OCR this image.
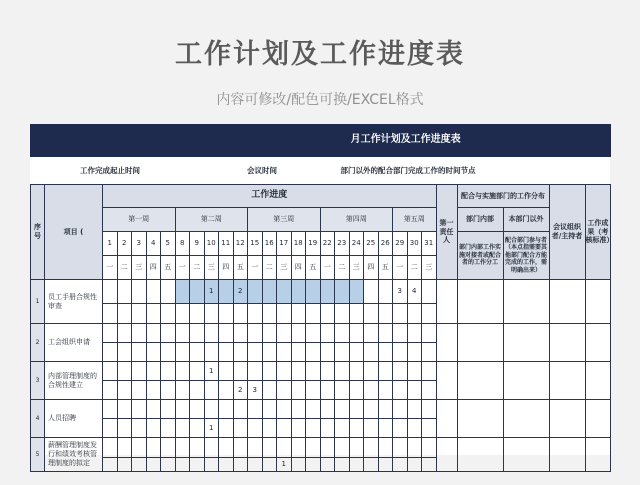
工作计划及工作进度表
内容可修改/配色可换/EXCEL格式
月工作计划及工作进度表																													
工作完成起止时间								会议时间										部门以外的配合部门完成工作的时间节点											
序号	项目 (	工作进度																							第一责任人	配合与实施部门的工作分布		会议组织者/主持者	工作成果（考核标准）
		第一周					第二周					第三周					第四周					第五周				部门内部	本部门以外		
		1	2	3	4	5	8	9	10	11	12	15	16	17	18	19	22	23	24	25	26	29	30	31		部门内部工作实施对接者或配合者的工作分工	配合部门参与者（本点指需要其他部门配合方能完成的工作，需明确出来）		
		一	二	三	四	五	一	二	三	四	五	一	二	三	四	五	一	二	三	四	五	一	二	三					
1	员工手册合规性审查								1		2											3	4						

2	工会组织申请																												

3	内部管理制度的合规性建立								1																				
											2	3																	
4	人员招聘																												
									1																				
5	薪酬管理制度发行和绩效考核管理制度的拟定																												
														1															
